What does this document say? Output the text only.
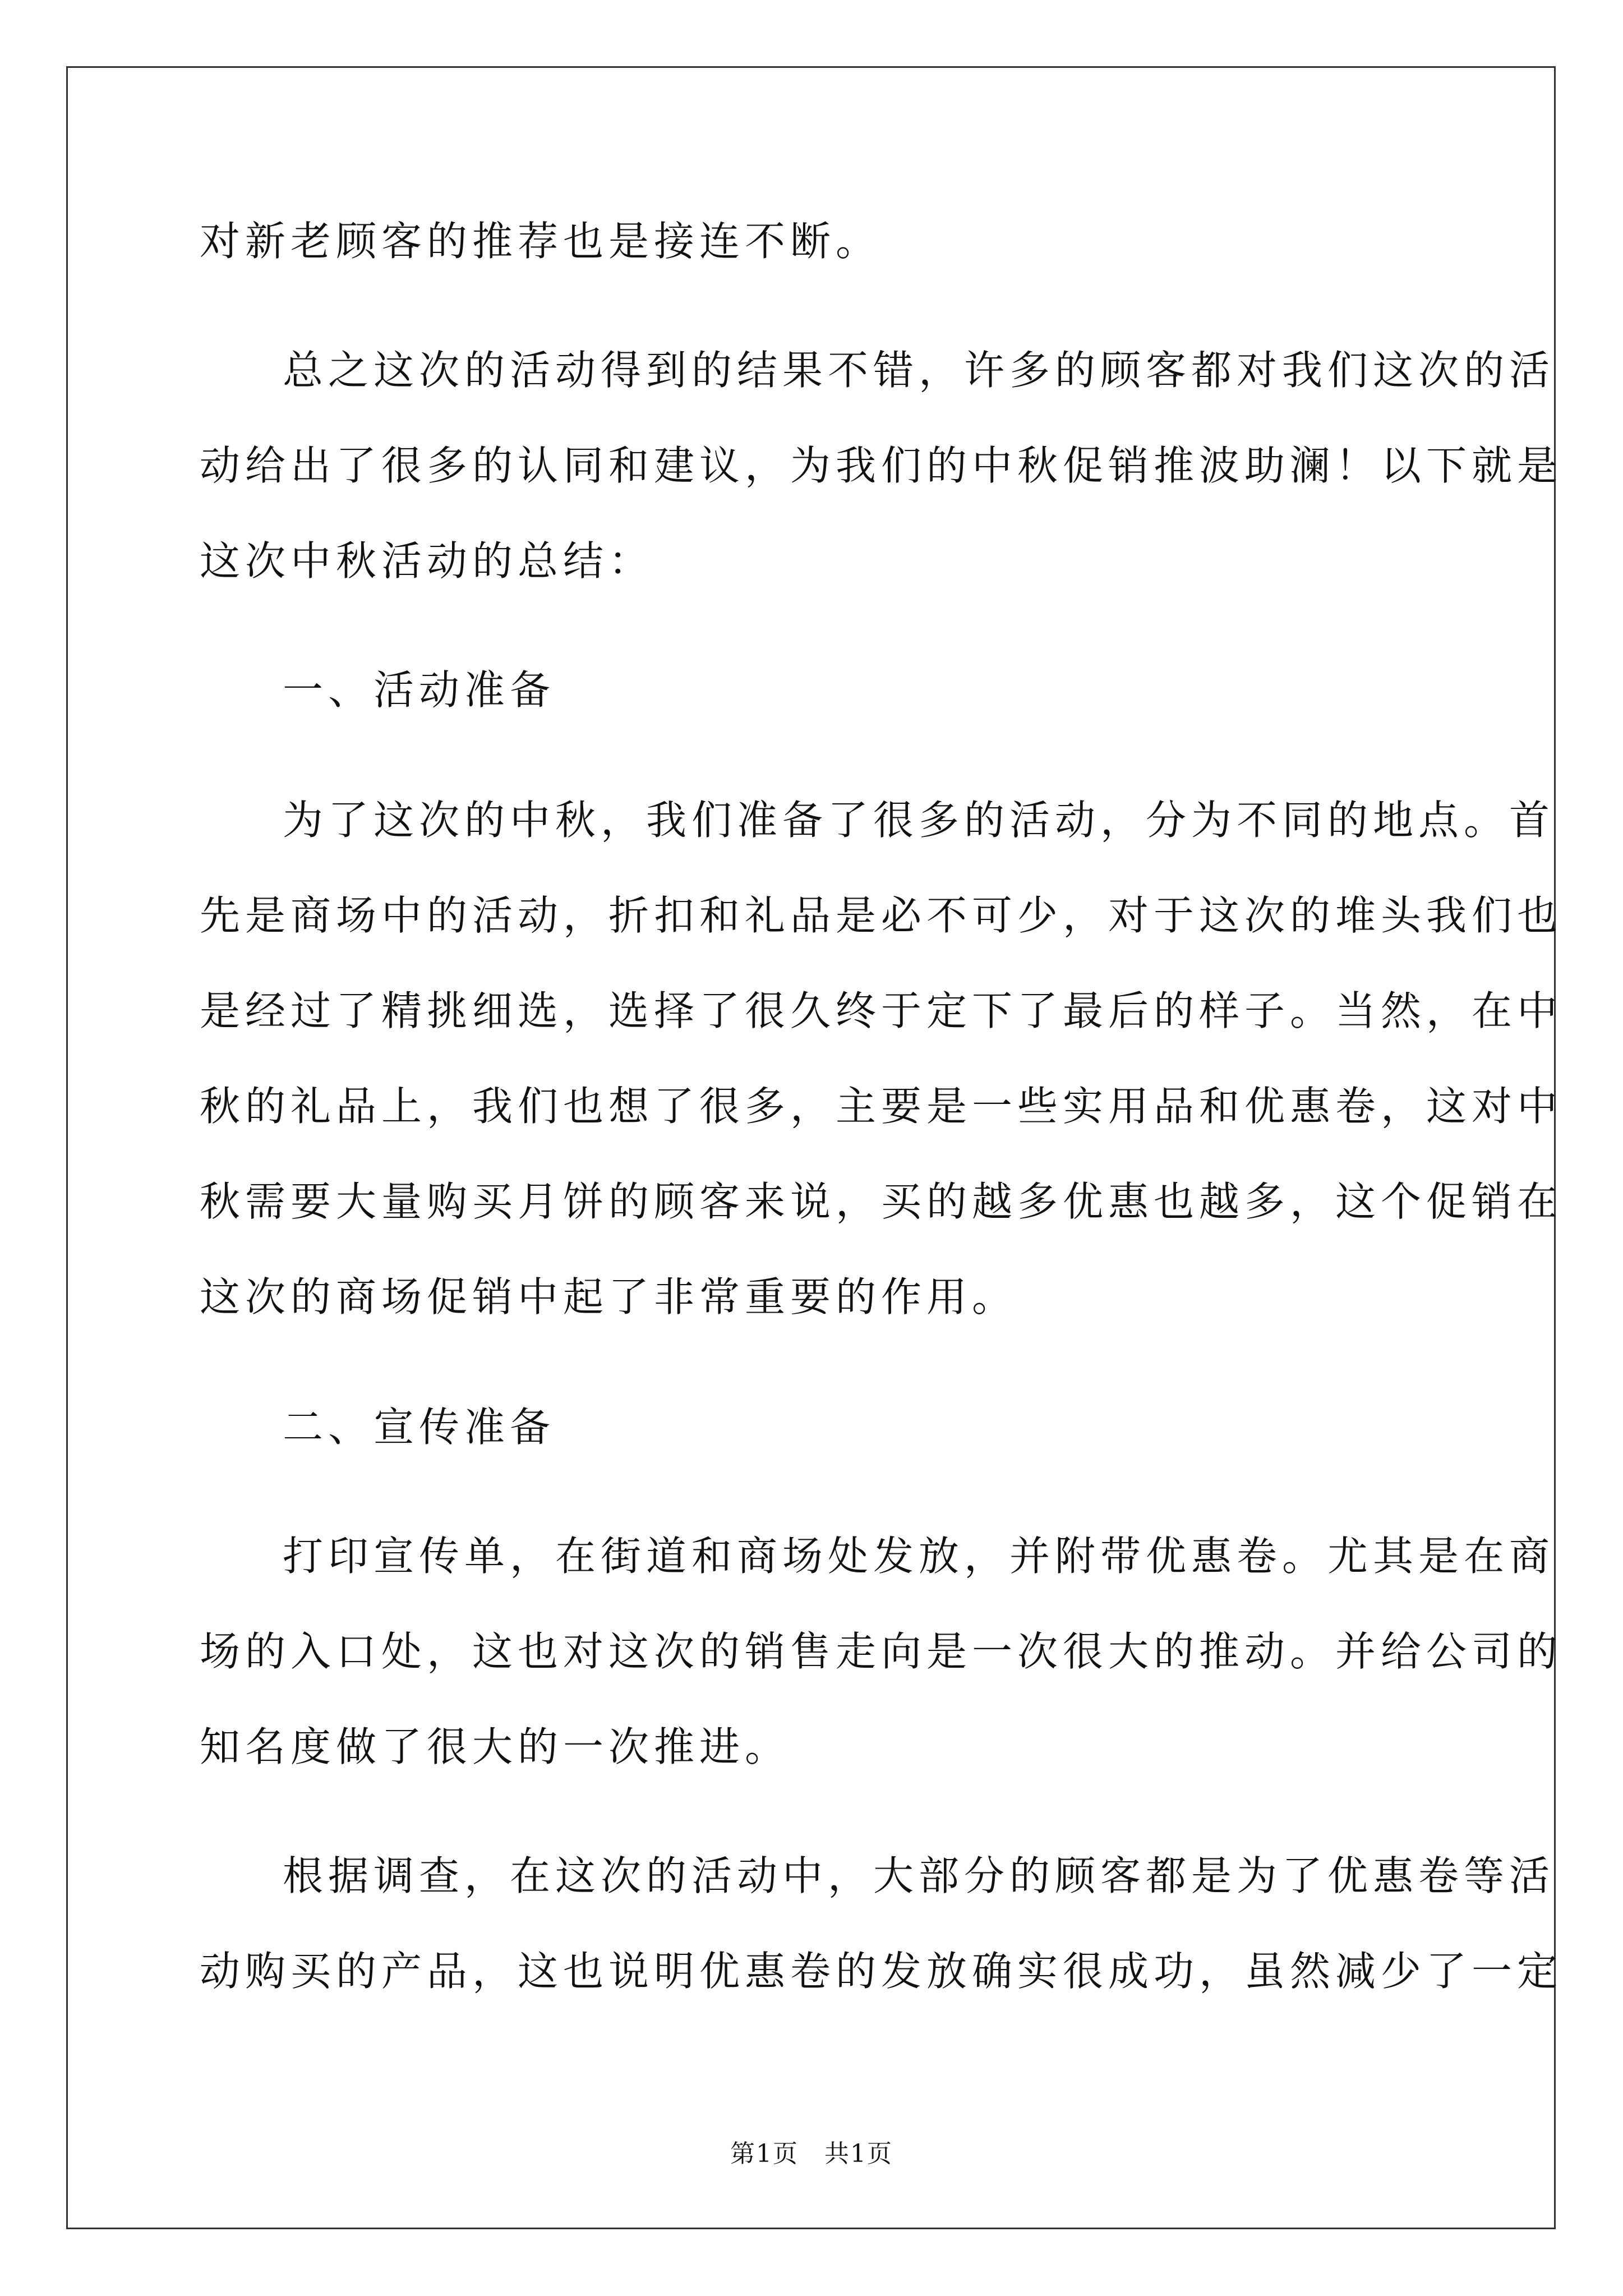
对新老顾客的推荐也是接连不断。
总之这次的活动得到的结果不错，许多的顾客都对我们这次的活
动给出了很多的认同和建议，为我们的中秋促销推波助澜！以下就是
这次中秋活动的总结：
一、活动准备
为了这次的中秋，我们准备了很多的活动，分为不同的地点。首
先是商场中的活动，折扣和礼品是必不可少，对于这次的堆头我们也
是经过了精挑细选，选择了很久终于定下了最后的样子。当然，在中
秋的礼品上，我们也想了很多，主要是一些实用品和优惠卷，这对中
秋需要大量购买月饼的顾客来说，买的越多优惠也越多，这个促销在
这次的商场促销中起了非常重要的作用。
二、宣传准备
打印宣传单，在街道和商场处发放，并附带优惠卷。尤其是在商
场的入口处，这也对这次的销售走向是一次很大的推动。并给公司的
知名度做了很大的一次推进。
根据调查，在这次的活动中，大部分的顾客都是为了优惠卷等活
动购买的产品，这也说明优惠卷的发放确实很成功，虽然减少了一定
第1页　共1页
